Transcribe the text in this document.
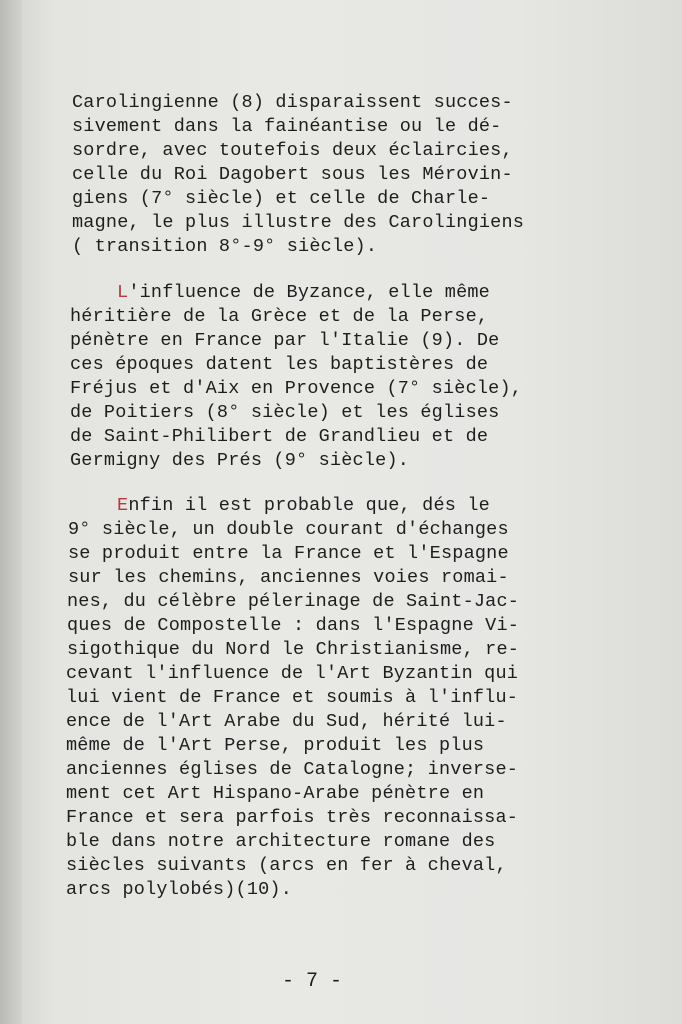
Carolingienne (8) disparaissent succes-
sivement dans la fainéantise ou le dé-
sordre, avec toutefois deux éclaircies,
celle du Roi Dagobert sous les Mérovin-
giens (7° siècle) et celle de Charle-
magne, le plus illustre des Carolingiens
( transition 8°-9° siècle).
L'influence de Byzance, elle même
héritière de la Grèce et de la Perse,
pénètre en France par l'Italie (9). De
ces époques datent les baptistères de
Fréjus et d'Aix en Provence (7° siècle),
de Poitiers (8° siècle) et les églises
de Saint-Philibert de Grandlieu et de
Germigny des Prés (9° siècle).
Enfin il est probable que, dés le
9° siècle, un double courant d'échanges
se produit entre la France et l'Espagne
sur les chemins, anciennes voies romai-
nes, du célèbre pélerinage de Saint-Jac-
ques de Compostelle : dans l'Espagne Vi-
sigothique du Nord le Christianisme, re-
cevant l'influence de l'Art Byzantin qui
lui vient de France et soumis à l'influ-
ence de l'Art Arabe du Sud, hérité lui-
même de l'Art Perse, produit les plus
anciennes églises de Catalogne; inverse-
ment cet Art Hispano-Arabe pénètre en
France et sera parfois très reconnaissa-
ble dans notre architecture romane des
siècles suivants (arcs en fer à cheval,
arcs polylobés)(10).
- 7 -
